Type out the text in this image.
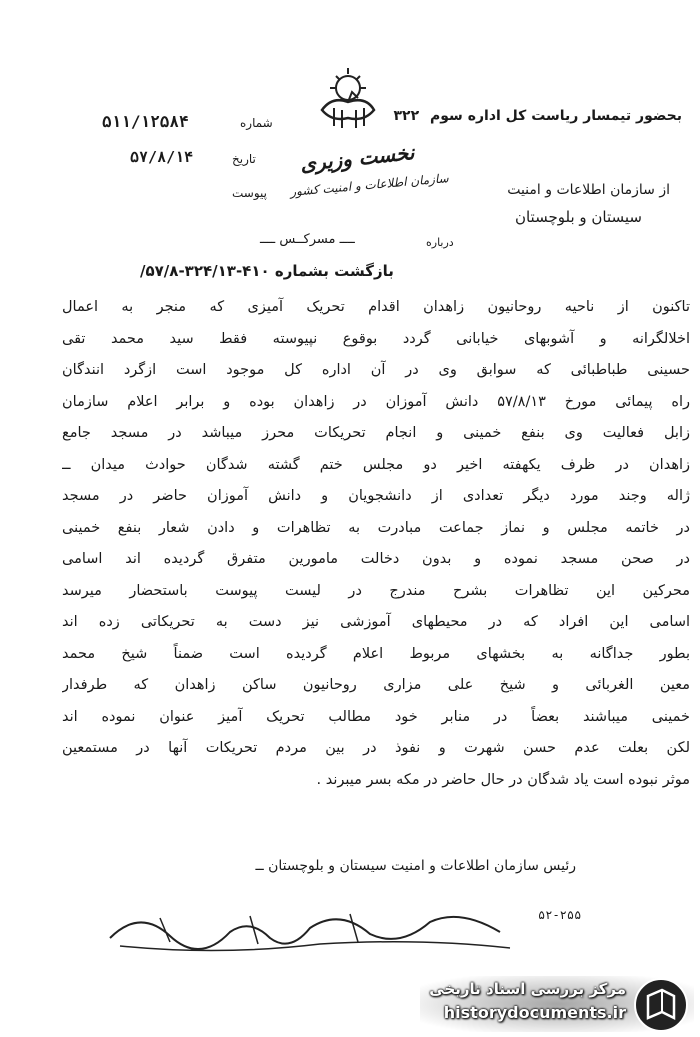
بحضور تیمسار ریاست کل اداره سوم ۳۲۲
شماره
۵۱۱/۱۲۵۸۴
تاریخ
۵۷/۸/۱۴
پیوست
نخست وزیری
سازمان اطلاعات و امنیت کشور	از سازمان اطلاعات و امنیت
سیستان و بلوچستان
درباره
ــــ مسرکــس ــــ
بازگشت بشماره ۴۱۰-۳۲۴/۱۳-۵۷/۸/
تاکنون از ناحیه روحانیون زاهدان اقدام تحریک آمیزی که منجر به اعمال
اخلالگرانه و آشوبهای خیابانی گردد بوقوع نپیوسته فقط سید محمد تقی
حسینی طباطبائی که سوابق وی در آن اداره کل موجود است ازگرد انندگان
راه پیمائی مورخ ۵۷/۸/۱۳ دانش آموزان در زاهدان بوده و برابر اعلام سازمان
زابل فعالیت وی بنفع خمینی و انجام تحریکات محرز میباشد در مسجد جامع
زاهدان در ظرف یکهفته اخیر دو مجلس ختم گشته شدگان حوادث میدان ــ
ژاله وجند مورد دیگر تعدادی از دانشجویان و دانش آموزان حاضر در مسجد
در خاتمه مجلس و نماز جماعت مبادرت به تظاهرات و دادن شعار بنفع خمینی
در صحن مسجد نموده و بدون دخالت مامورین متفرق گردیده اند اسامی
محرکین این تظاهرات بشرح مندرج در لیست پیوست باستحضار میرسد
اسامی این افراد که در محیطهای آموزشی نیز دست به تحریکاتی زده اند
بطور جداگانه به بخشهای مربوط اعلام گردیده است ضمناً شیخ محمد
معین الغربائی و شیخ علی مزاری روحانیون ساکن زاهدان که طرفدار
خمینی میباشند بعضاً در منابر خود مطالب تحریک آمیز عنوان نموده اند
لکن بعلت عدم حسن شهرت و نفوذ در بین مردم تحریکات آنها در مستمعین
موثر نبوده است یاد شدگان در حال حاضر در مکه بسر میبرند .
رئیس سازمان اطلاعات و امنیت سیستان و بلوچستان ــ
۵۲-۲۵۵
مرکز بررسی اسناد تاریخی
historydocuments.ir
